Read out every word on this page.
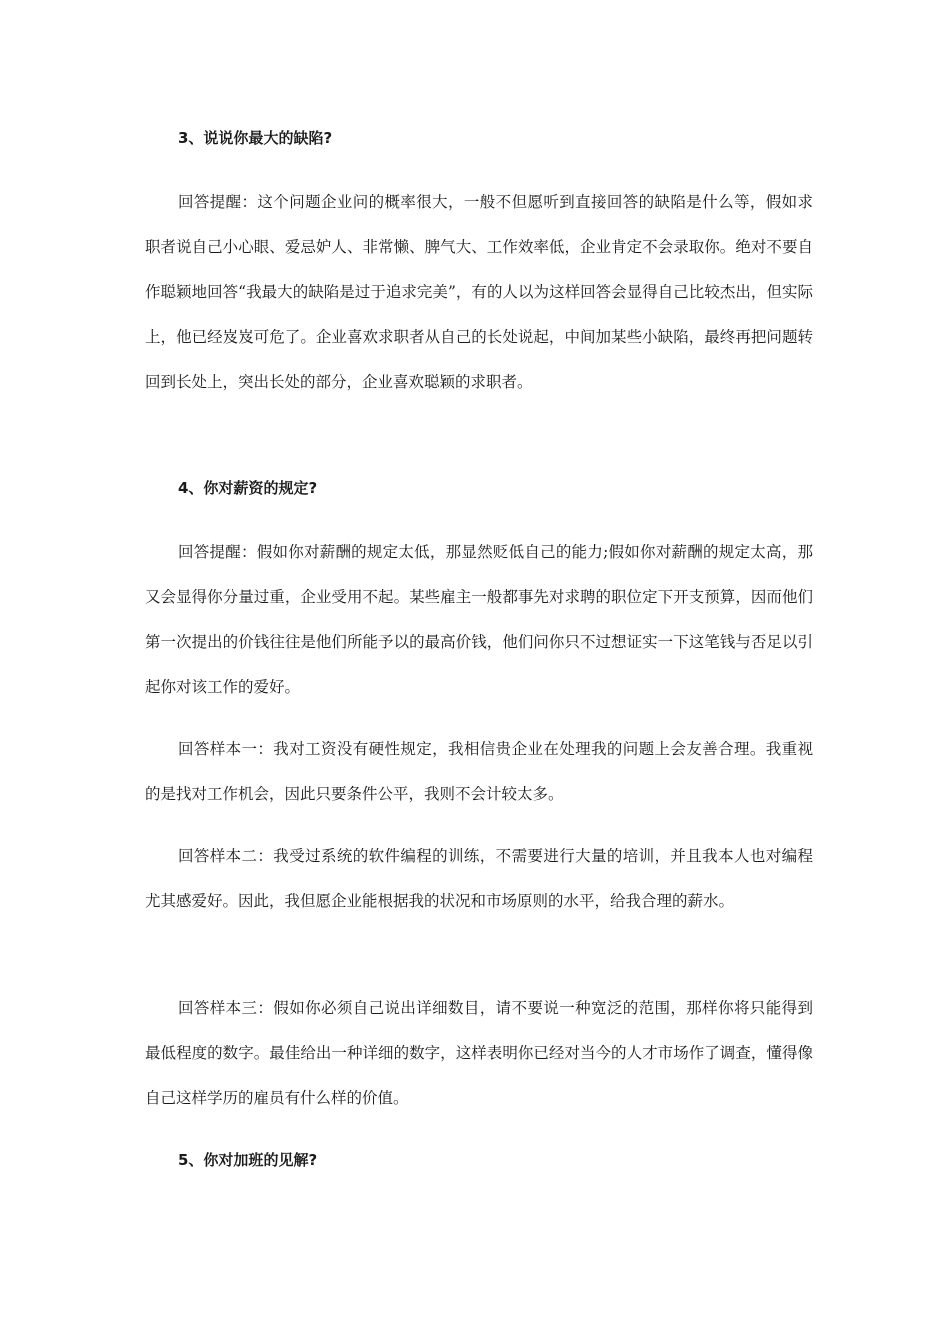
3、说说你最大的缺陷?

回答提醒：这个问题企业问的概率很大，一般不但愿听到直接回答的缺陷是什么等，假如求职者说自己小心眼、爱忌妒人、非常懒、脾气大、工作效率低，企业肯定不会录取你。绝对不要自作聪颖地回答“我最大的缺陷是过于追求完美”，有的人以为这样回答会显得自己比较杰出，但实际上，他已经岌岌可危了。企业喜欢求职者从自己的长处说起，中间加某些小缺陷，最终再把问题转回到长处上，突出长处的部分，企业喜欢聪颖的求职者。

4、你对薪资的规定?

回答提醒：假如你对薪酬的规定太低，那显然贬低自己的能力;假如你对薪酬的规定太高，那又会显得你分量过重，企业受用不起。某些雇主一般都事先对求聘的职位定下开支预算，因而他们第一次提出的价钱往往是他们所能予以的最高价钱，他们问你只不过想证实一下这笔钱与否足以引起你对该工作的爱好。

回答样本一：我对工资没有硬性规定，我相信贵企业在处理我的问题上会友善合理。我重视的是找对工作机会，因此只要条件公平，我则不会计较太多。

回答样本二：我受过系统的软件编程的训练，不需要进行大量的培训，并且我本人也对编程尤其感爱好。因此，我但愿企业能根据我的状况和市场原则的水平，给我合理的薪水。

回答样本三：假如你必须自己说出详细数目，请不要说一种宽泛的范围，那样你将只能得到最低程度的数字。最佳给出一种详细的数字，这样表明你已经对当今的人才市场作了调查，懂得像自己这样学历的雇员有什么样的价值。

5、你对加班的见解?
